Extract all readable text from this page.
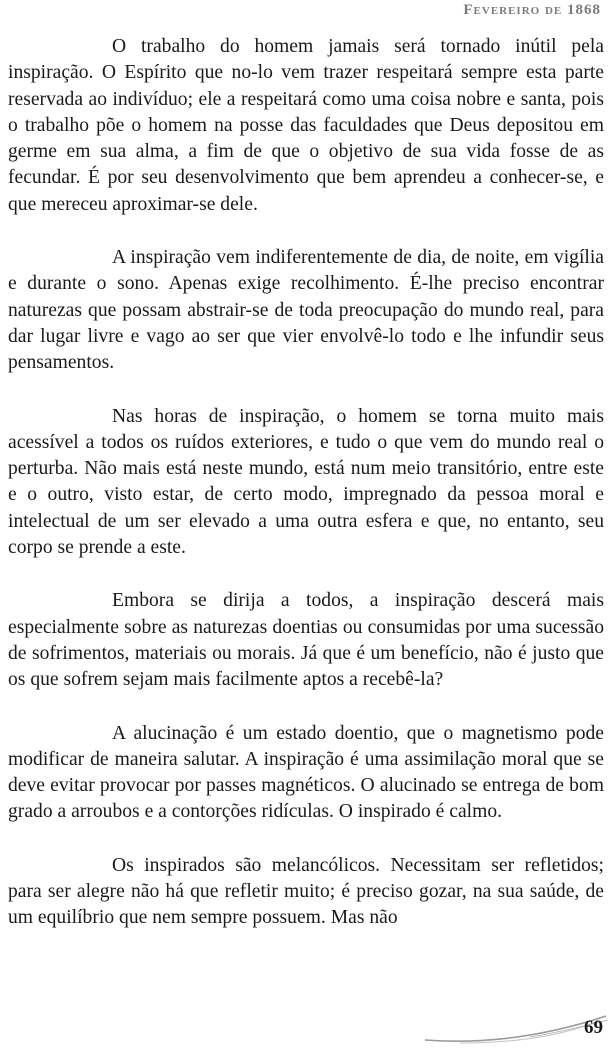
Fevereiro de 1868

O trabalho do homem jamais será tornado inútil pela inspiração. O Espírito que no-lo vem trazer respeitará sempre esta parte reservada ao indivíduo; ele a respeitará como uma coisa nobre e santa, pois o trabalho põe o homem na posse das faculdades que Deus depositou em germe em sua alma, a fim de que o objetivo de sua vida fosse de as fecundar. É por seu desenvolvimento que bem aprendeu a conhecer-se, e que mereceu aproximar-se dele.

A inspiração vem indiferentemente de dia, de noite, em vigília e durante o sono. Apenas exige recolhimento. É-lhe preciso encontrar naturezas que possam abstrair-se de toda preocupação do mundo real, para dar lugar livre e vago ao ser que vier envolvê-lo todo e lhe infundir seus pensamentos.

Nas horas de inspiração, o homem se torna muito mais acessível a todos os ruídos exteriores, e tudo o que vem do mundo real o perturba. Não mais está neste mundo, está num meio transitório, entre este e o outro, visto estar, de certo modo, impregnado da pessoa moral e intelectual de um ser elevado a uma outra esfera e que, no entanto, seu corpo se prende a este.

Embora se dirija a todos, a inspiração descerá mais especialmente sobre as naturezas doentias ou consumidas por uma sucessão de sofrimentos, materiais ou morais. Já que é um benefício, não é justo que os que sofrem sejam mais facilmente aptos a recebê-la?

A alucinação é um estado doentio, que o magnetismo pode modificar de maneira salutar. A inspiração é uma assimilação moral que se deve evitar provocar por passes magnéticos. O alucinado se entrega de bom grado a arroubos e a contorções ridículas. O inspirado é calmo.

Os inspirados são melancólicos. Necessitam ser refletidos; para ser alegre não há que refletir muito; é preciso gozar, na sua saúde, de um equilíbrio que nem sempre possuem. Mas não

69
